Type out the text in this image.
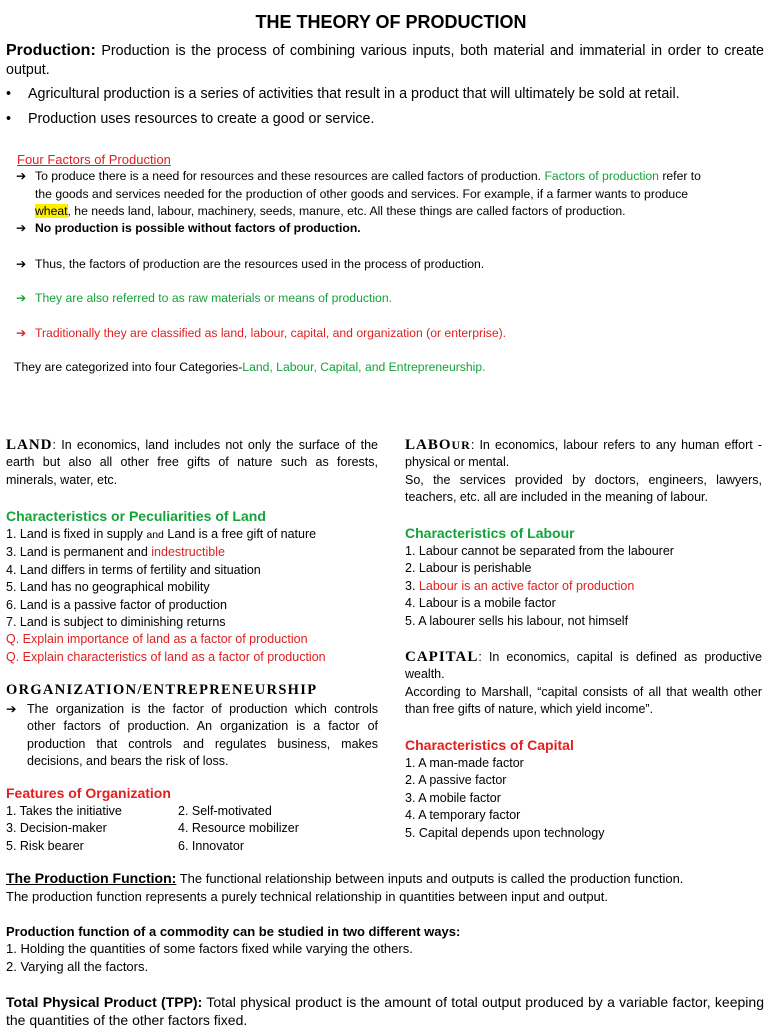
THE THEORY OF PRODUCTION
Production: Production is the process of combining various inputs, both material and immaterial in order to create output.
• Agricultural production is a series of activities that result in a product that will ultimately be sold at retail.
• Production uses resources to create a good or service.
Four Factors of Production
➔ To produce there is a need for resources and these resources are called factors of production. Factors of production refer to
the goods and services needed for the production of other goods and services. For example, if a farmer wants to produce
wheat, he needs land, labour, machinery, seeds, manure, etc. All these things are called factors of production.
➔ No production is possible without factors of production.
➔ Thus, the factors of production are the resources used in the process of production.
➔ They are also referred to as raw materials or means of production.
➔ Traditionally they are classified as land, labour, capital, and organization (or enterprise).
They are categorized into four Categories-Land, Labour, Capital, and Entrepreneurship.
LAND: In economics, land includes not only the surface of the earth but also all other free gifts of nature such as forests, minerals, water, etc.
Characteristics or Peculiarities of Land
1. Land is fixed in supply and Land is a free gift of nature
3. Land is permanent and indestructible
4. Land differs in terms of fertility and situation
5. Land has no geographical mobility
6. Land is a passive factor of production
7. Land is subject to diminishing returns
Q. Explain importance of land as a factor of production
Q. Explain characteristics of land as a factor of production
ORGANIZATION/ENTREPRENEURSHIP
➔ The organization is the factor of production which controls other factors of production. An organization is a factor of production that controls and regulates business, makes decisions, and bears the risk of loss.
Features of Organization
1. Takes the initiative	2. Self-motivated
3. Decision-maker	4. Resource mobilizer
5. Risk bearer	6. Innovator
LABOUR: In economics, labour refers to any human effort - physical or mental.
So, the services provided by doctors, engineers, lawyers, teachers, etc. all are included in the meaning of labour.
Characteristics of Labour
1. Labour cannot be separated from the labourer
2. Labour is perishable
3. Labour is an active factor of production
4. Labour is a mobile factor
5. A labourer sells his labour, not himself
CAPITAL: In economics, capital is defined as productive wealth.
According to Marshall, “capital consists of all that wealth other than free gifts of nature, which yield income”.
Characteristics of Capital
1. A man-made factor
2. A passive factor
3. A mobile factor
4. A temporary factor
5. Capital depends upon technology
The Production Function: The functional relationship between inputs and outputs is called the production function.
The production function represents a purely technical relationship in quantities between input and output.
Production function of a commodity can be studied in two different ways:
1. Holding the quantities of some factors fixed while varying the others.
2. Varying all the factors.
Total Physical Product (TPP): Total physical product is the amount of total output produced by a variable factor, keeping the quantities of the other factors fixed.
